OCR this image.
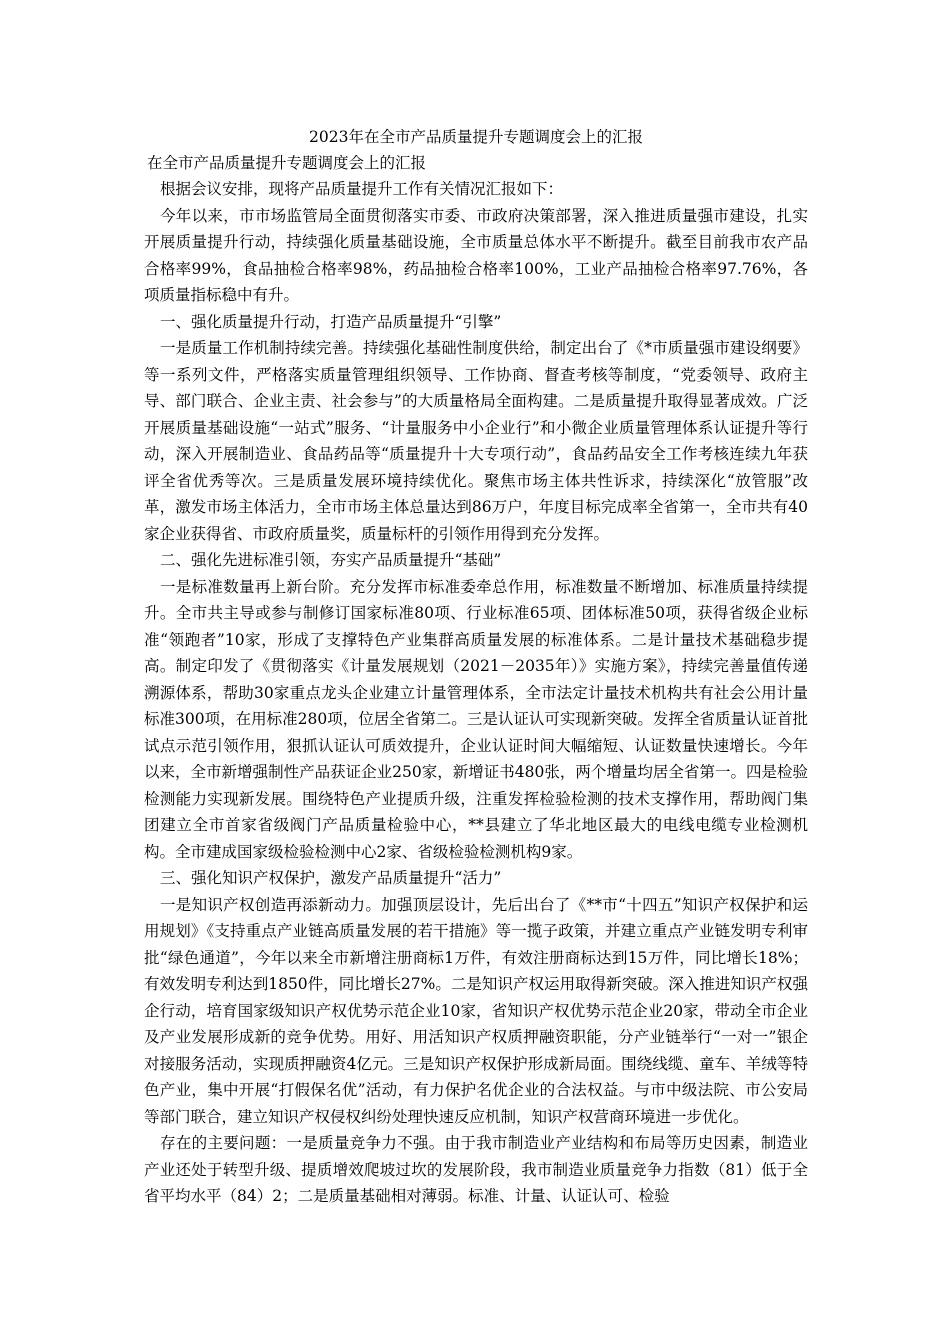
2023年在全市产品质量提升专题调度会上的汇报

在全市产品质量提升专题调度会上的汇报

根据会议安排，现将产品质量提升工作有关情况汇报如下：

今年以来，市市场监管局全面贯彻落实市委、市政府决策部署，深入推进质量强市建设，扎实开展质量提升行动，持续强化质量基础设施，全市质量总体水平不断提升。截至目前我市农产品合格率99%，食品抽检合格率98%，药品抽检合格率100%，工业产品抽检合格率97.76%，各项质量指标稳中有升。

一、强化质量提升行动，打造产品质量提升“引擎”

一是质量工作机制持续完善。持续强化基础性制度供给，制定出台了《*市质量强市建设纲要》等一系列文件，严格落实质量管理组织领导、工作协商、督查考核等制度，“党委领导、政府主导、部门联合、企业主责、社会参与”的大质量格局全面构建。二是质量提升取得显著成效。广泛开展质量基础设施“一站式”服务、“计量服务中小企业行”和小微企业质量管理体系认证提升等行动，深入开展制造业、食品药品等“质量提升十大专项行动”，食品药品安全工作考核连续九年获评全省优秀等次。三是质量发展环境持续优化。聚焦市场主体共性诉求，持续深化“放管服”改革，激发市场主体活力，全市市场主体总量达到86万户，年度目标完成率全省第一，全市共有40家企业获得省、市政府质量奖，质量标杆的引领作用得到充分发挥。

二、强化先进标准引领，夯实产品质量提升“基础”

一是标准数量再上新台阶。充分发挥市标准委牵总作用，标准数量不断增加、标准质量持续提升。全市共主导或参与制修订国家标准80项、行业标准65项、团体标准50项，获得省级企业标准“领跑者”10家，形成了支撑特色产业集群高质量发展的标准体系。二是计量技术基础稳步提高。制定印发了《贯彻落实《计量发展规划（2021－2035年）》实施方案》，持续完善量值传递溯源体系，帮助30家重点龙头企业建立计量管理体系，全市法定计量技术机构共有社会公用计量标准300项，在用标准280项，位居全省第二。三是认证认可实现新突破。发挥全省质量认证首批试点示范引领作用，狠抓认证认可质效提升，企业认证时间大幅缩短、认证数量快速增长。今年以来，全市新增强制性产品获证企业250家，新增证书480张，两个增量均居全省第一。四是检验检测能力实现新发展。围绕特色产业提质升级，注重发挥检验检测的技术支撑作用，帮助阀门集团建立全市首家省级阀门产品质量检验中心，**县建立了华北地区最大的电线电缆专业检测机构。全市建成国家级检验检测中心2家、省级检验检测机构9家。

三、强化知识产权保护，激发产品质量提升“活力”

一是知识产权创造再添新动力。加强顶层设计，先后出台了《**市“十四五”知识产权保护和运用规划》《支持重点产业链高质量发展的若干措施》等一揽子政策，并建立重点产业链发明专利审批“绿色通道”，今年以来全市新增注册商标1万件，有效注册商标达到15万件，同比增长18%；有效发明专利达到1850件，同比增长27%。二是知识产权运用取得新突破。深入推进知识产权强企行动，培育国家级知识产权优势示范企业10家，省知识产权优势示范企业20家，带动全市企业及产业发展形成新的竞争优势。用好、用活知识产权质押融资职能，分产业链举行“一对一”银企对接服务活动，实现质押融资4亿元。三是知识产权保护形成新局面。围绕线缆、童车、羊绒等特色产业，集中开展“打假保名优”活动，有力保护名优企业的合法权益。与市中级法院、市公安局等部门联合，建立知识产权侵权纠纷处理快速反应机制，知识产权营商环境进一步优化。

存在的主要问题：一是质量竞争力不强。由于我市制造业产业结构和布局等历史因素，制造业产业还处于转型升级、提质增效爬坡过坎的发展阶段，我市制造业质量竞争力指数（81）低于全省平均水平（84）2；二是质量基础相对薄弱。标准、计量、认证认可、检验
